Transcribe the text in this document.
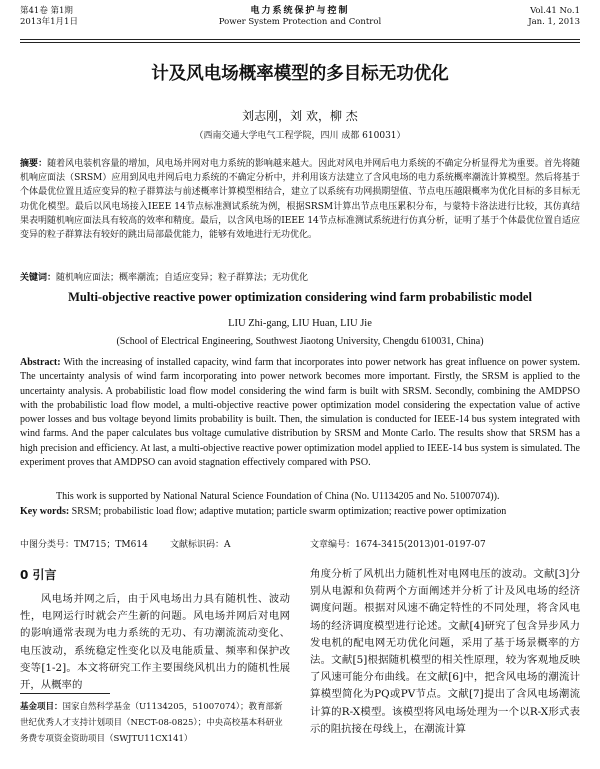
第41卷 第1期
2013年1月1日
电力系统保护与控制
Power System Protection and Control
Vol.41 No.1
Jan. 1, 2013
计及风电场概率模型的多目标无功优化
刘志刚，刘 欢，柳 杰
（西南交通大学电气工程学院，四川 成都 610031）
摘要：随着风电装机容量的增加，风电场并网对电力系统的影响越来越大。因此对风电并网后电力系统的不确定分析显得尤为重要。首先将随机响应面法（SRSM）应用到风电并网后电力系统的不确定分析中，并利用该方法建立了含风电场的电力系统概率潮流计算模型。然后将基于个体最优位置且适应变异的粒子群算法与前述概率计算模型相结合，建立了以系统有功网损期望值、节点电压越限概率为优化目标的多目标无功优化模型。最后以风电场接入IEEE 14节点标准测试系统为例，根据SRSM计算出节点电压累积分布，与蒙特卡洛法进行比较，其仿真结果表明随机响应面法具有较高的效率和精度。最后，以含风电场的IEEE 14节点标准测试系统进行仿真分析，证明了基于个体最优位置自适应变异的粒子群算法有较好的跳出局部最优能力，能够有效地进行无功优化。
关键词：随机响应面法；概率潮流；自适应变异；粒子群算法；无功优化
Multi-objective reactive power optimization considering wind farm probabilistic model
LIU Zhi-gang, LIU Huan, LIU Jie
(School of Electrical Engineering, Southwest Jiaotong University, Chengdu 610031, China)
Abstract: With the increasing of installed capacity, wind farm that incorporates into power network has great influence on power system. The uncertainty analysis of wind farm incorporating into power network becomes more important. Firstly, the SRSM is applied to the uncertainty analysis. A probabilistic load flow model considering the wind farm is built with SRSM. Secondly, combining the AMDPSO with the probabilistic load flow model, a multi-objective reactive power optimization model considering the expectation value of active power losses and bus voltage beyond limits probability is built. Then, the simulation is conducted for IEEE-14 bus system integrated with wind farms. And the paper calculates bus voltage cumulative distribution by SRSM and Monte Carlo. The results show that SRSM has a high precision and efficiency. At last, a multi-objective reactive power optimization model applied to IEEE-14 bus system is simulated. The experiment proves that AMDPSO can avoid stagnation effectively compared with PSO.
This work is supported by National Natural Science Foundation of China (No. U1134205 and No. 51007074)).
Key words: SRSM; probabilistic load flow; adaptive mutation; particle swarm optimization; reactive power optimization
中图分类号：TM715；TM614 文献标识码：A	文章编号：1674-3415(2013)01-0197-07
0 引言

风电场并网之后，由于风电场出力具有随机性、波动性，电网运行时就会产生新的问题。风电场并网后对电网的影响通常表现为电力系统的无功、有功潮流流动变化、电压波动，系统稳定性变化以及电能质量、频率和保护改变等[1-2]。本文将研究工作主要围绕风机出力的随机性展开，从概率的

角度分析了风机出力随机性对电网电压的波动。文献[3]分别从电源和负荷两个方面阐述并分析了计及风电场的经济调度问题。根据对风速不确定特性的不同处理，将含风电场的经济调度模型进行论述。文献[4]研究了包含异步风力发电机的配电网无功优化问题，采用了基于场景概率的方法。文献[5]根据随机模型的相关性原理，较为客观地反映了风速可能分布曲线。在文献[6]中，把含风电场的潮流计算模型简化为PQ或PV节点。文献[7]提出了含风电场潮流计算的R-X模型。该模型将风电场处理为一个以R-X形式表示的阻抗接在母线上，在潮流计算

基金项目：国家自然科学基金（U1134205，51007074）；教育部新世纪优秀人才支持计划项目（NECT-08-0825）；中央高校基本科研业务费专项资金资助项目（SWJTU11CX141）
